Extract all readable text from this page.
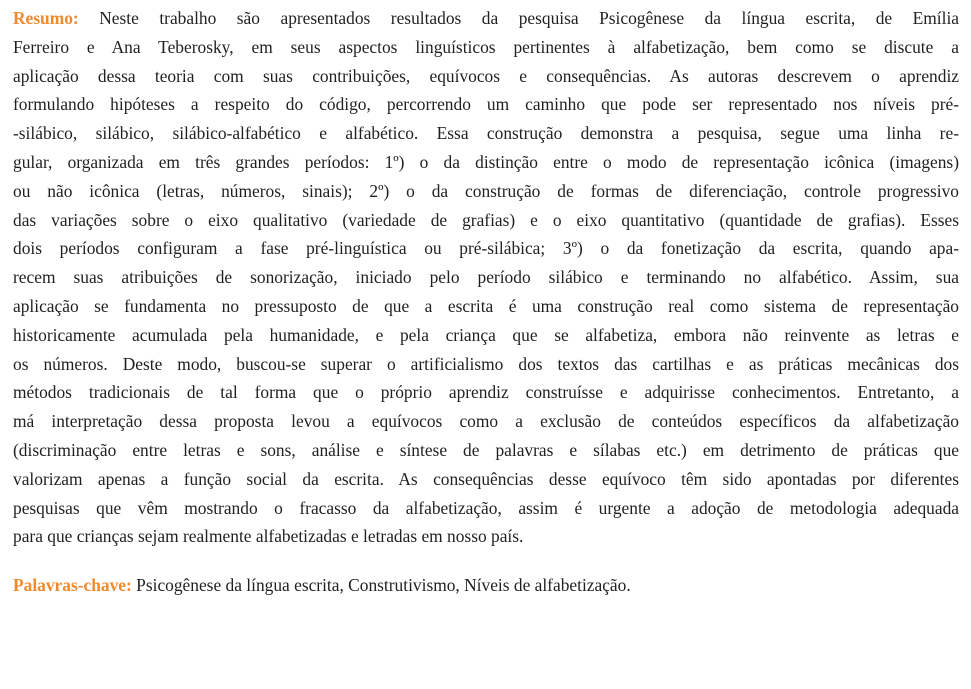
Resumo: Neste trabalho são apresentados resultados da pesquisa Psicogênese da língua escrita, de Emília
Ferreiro e Ana Teberosky, em seus aspectos linguísticos pertinentes à alfabetização, bem como se discute a
aplicação dessa teoria com suas contribuições, equívocos e consequências. As autoras descrevem o aprendiz
formulando hipóteses a respeito do código, percorrendo um caminho que pode ser representado nos níveis pré-
-silábico, silábico, silábico-alfabético e alfabético. Essa construção demonstra a pesquisa, segue uma linha re-
gular, organizada em três grandes períodos: 1º) o da distinção entre o modo de representação icônica (imagens)
ou não icônica (letras, números, sinais); 2º) o da construção de formas de diferenciação, controle progressivo
das variações sobre o eixo qualitativo (variedade de grafias) e o eixo quantitativo (quantidade de grafias). Esses
dois períodos configuram a fase pré-linguística ou pré-silábica; 3º) o da fonetização da escrita, quando apa-
recem suas atribuições de sonorização, iniciado pelo período silábico e terminando no alfabético. Assim, sua
aplicação se fundamenta no pressuposto de que a escrita é uma construção real como sistema de representação
historicamente acumulada pela humanidade, e pela criança que se alfabetiza, embora não reinvente as letras e
os números. Deste modo, buscou-se superar o artificialismo dos textos das cartilhas e as práticas mecânicas dos
métodos tradicionais de tal forma que o próprio aprendiz construísse e adquirisse conhecimentos. Entretanto, a
má interpretação dessa proposta levou a equívocos como a exclusão de conteúdos específicos da alfabetização
(discriminação entre letras e sons, análise e síntese de palavras e sílabas etc.) em detrimento de práticas que
valorizam apenas a função social da escrita. As consequências desse equívoco têm sido apontadas por diferentes
pesquisas que vêm mostrando o fracasso da alfabetização, assim é urgente a adoção de metodologia adequada
para que crianças sejam realmente alfabetizadas e letradas em nosso país.

Palavras-chave: Psicogênese da língua escrita, Construtivismo, Níveis de alfabetização.
